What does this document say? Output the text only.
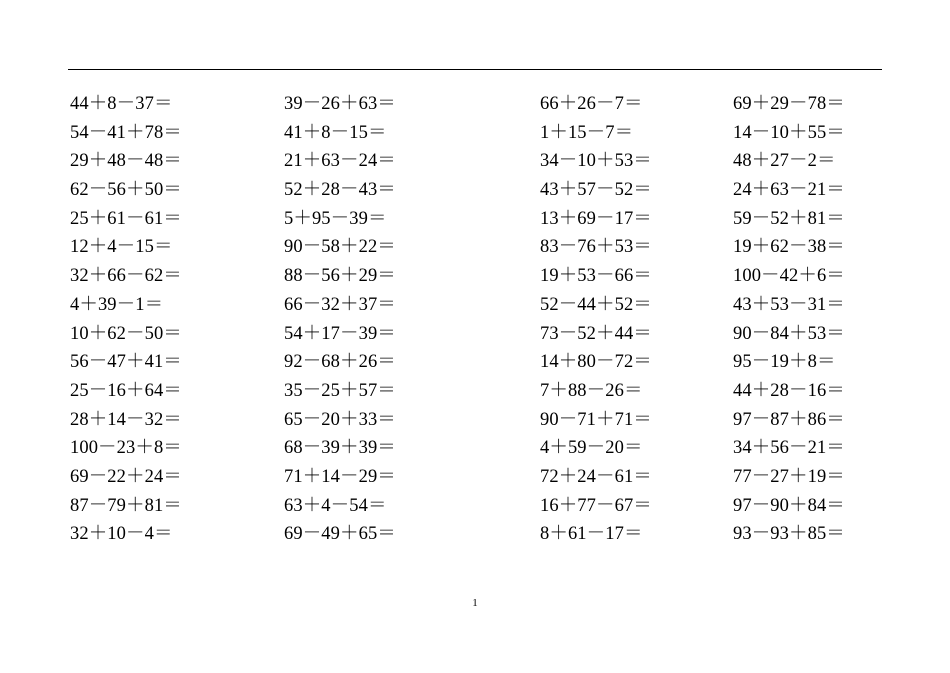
44＋8－37＝
54－41＋78＝
29＋48－48＝
62－56＋50＝
25＋61－61＝
12＋4－15＝
32＋66－62＝
4＋39－1＝
10＋62－50＝
56－47＋41＝
25－16＋64＝
28＋14－32＝
100－23＋8＝
69－22＋24＝
87－79＋81＝
32＋10－4＝
39－26＋63＝
41＋8－15＝
21＋63－24＝
52＋28－43＝
5＋95－39＝
90－58＋22＝
88－56＋29＝
66－32＋37＝
54＋17－39＝
92－68＋26＝
35－25＋57＝
65－20＋33＝
68－39＋39＝
71＋14－29＝
63＋4－54＝
69－49＋65＝
66＋26－7＝
1＋15－7＝
34－10＋53＝
43＋57－52＝
13＋69－17＝
83－76＋53＝
19＋53－66＝
52－44＋52＝
73－52＋44＝
14＋80－72＝
7＋88－26＝
90－71＋71＝
4＋59－20＝
72＋24－61＝
16＋77－67＝
8＋61－17＝
69＋29－78＝
14－10＋55＝
48＋27－2＝
24＋63－21＝
59－52＋81＝
19＋62－38＝
100－42＋6＝
43＋53－31＝
90－84＋53＝
95－19＋8＝
44＋28－16＝
97－87＋86＝
34＋56－21＝
77－27＋19＝
97－90＋84＝
93－93＋85＝
1
